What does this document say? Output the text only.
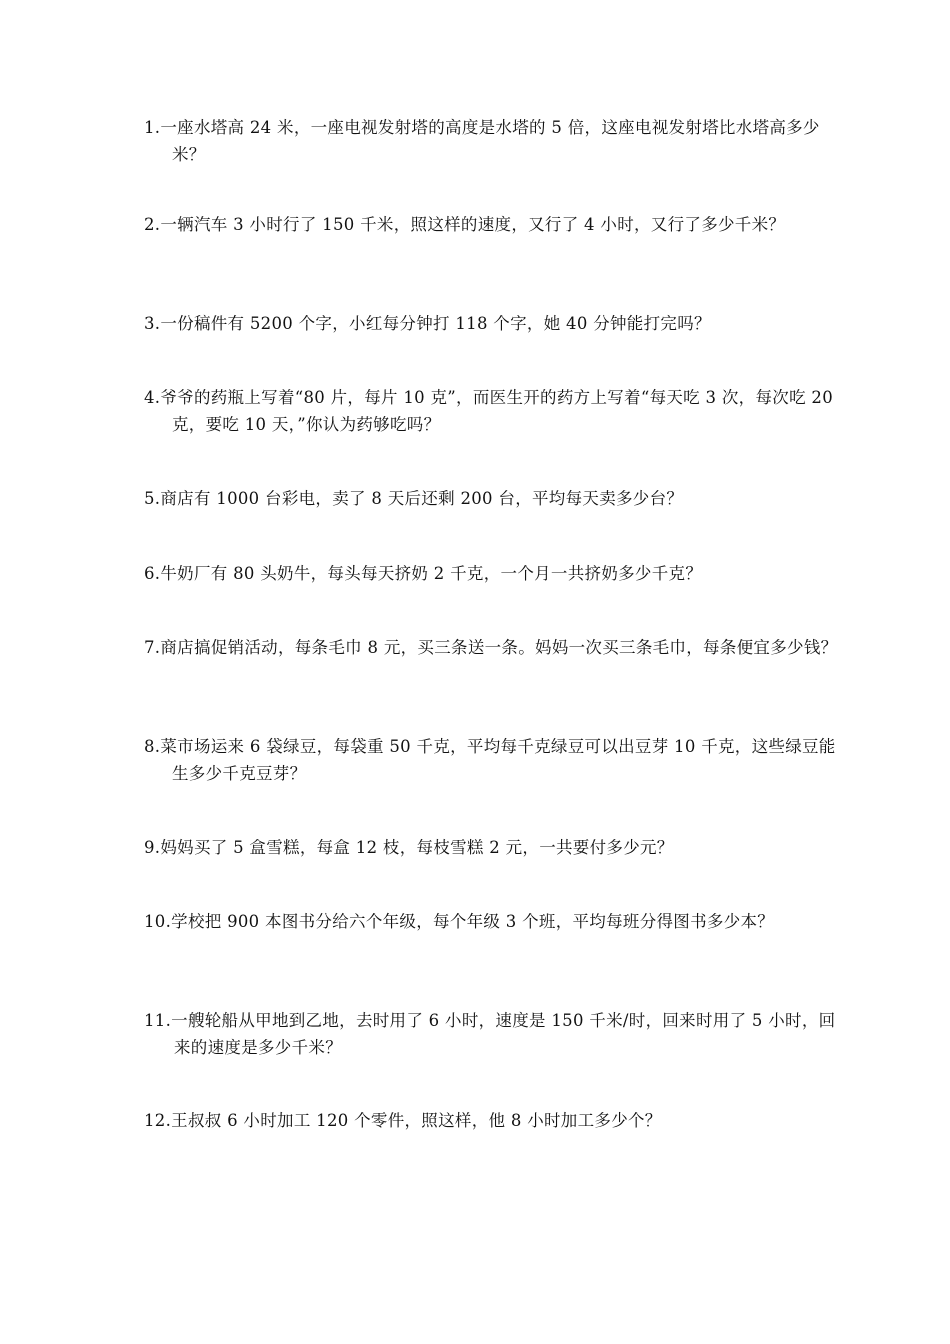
1.一座水塔高 24 米，一座电视发射塔的高度是水塔的 5 倍，这座电视发射塔比水塔高多少米？
2.一辆汽车 3 小时行了 150 千米，照这样的速度，又行了 4 小时，又行了多少千米？
3.一份稿件有 5200 个字，小红每分钟打 118 个字，她 40 分钟能打完吗？
4.爷爷的药瓶上写着“80 片，每片 10 克”，而医生开的药方上写着“每天吃 3 次，每次吃 20 克，要吃 10 天，”你认为药够吃吗？
5.商店有 1000 台彩电，卖了 8 天后还剩 200 台，平均每天卖多少台？
6.牛奶厂有 80 头奶牛，每头每天挤奶 2 千克，一个月一共挤奶多少千克？
7.商店搞促销活动，每条毛巾 8 元，买三条送一条。妈妈一次买三条毛巾，每条便宜多少钱？
8.菜市场运来 6 袋绿豆，每袋重 50 千克，平均每千克绿豆可以出豆芽 10 千克，这些绿豆能生多少千克豆芽？
9.妈妈买了 5 盒雪糕，每盒 12 枝，每枝雪糕 2 元，一共要付多少元？
10.学校把 900 本图书分给六个年级，每个年级 3 个班，平均每班分得图书多少本？
11.一艘轮船从甲地到乙地，去时用了 6 小时，速度是 150 千米/时，回来时用了 5 小时，回来的速度是多少千米？
12.王叔叔 6 小时加工 120 个零件，照这样，他 8 小时加工多少个？
